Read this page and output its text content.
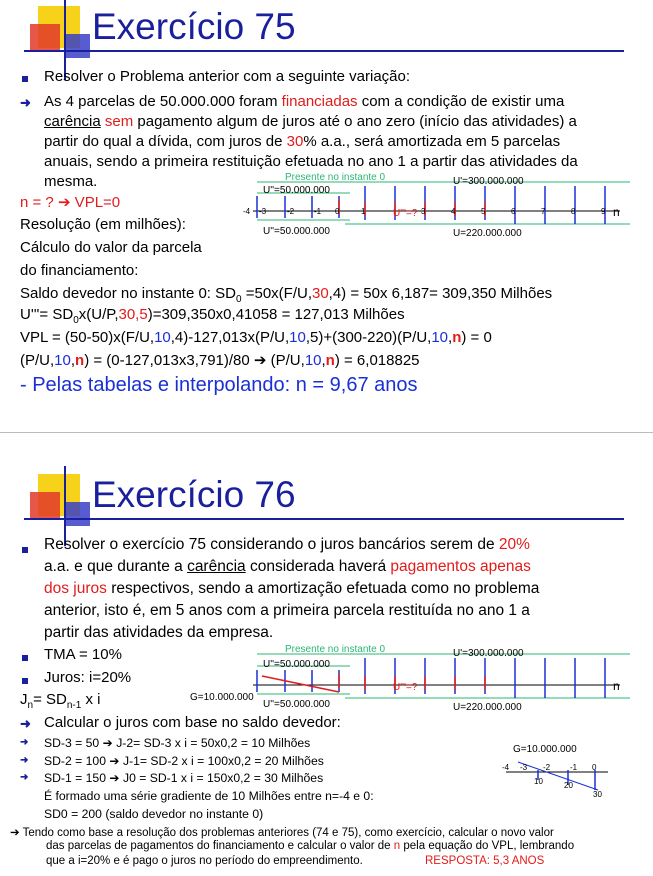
Exercício 75
Resolver o Problema anterior com a seguinte variação:
➜ As 4 parcelas de 50.000.000 foram financiadas com a condição de existir uma
carência sem pagamento algum de juros até o ano zero (início das atividades) a
partir do qual a dívida, com juros de 30% a.a., será amortizada em 5 parcelas
anuais, sendo a primeira restituição efetuada no ano 1 a partir das atividades da
mesma.
n = ? ➔ VPL=0
Resolução (em milhões):
Cálculo do valor da parcela
do financiamento:
Presente no instante 0	U'=300.000.000
U''=50.000.000
U''=50.000.000	U=220.000.000
U'''=?	n
-4 -3	-2 -1 0	1	3	4	5	6	7	8	9
Saldo devedor no instante 0: $SD_0 =50x(F/U,30,4) = 50x$ 6,187= 309,350 Milhões
$U'''= SD_0x(U/P,30,5)=309,350x0,41058 = 127,013$ Milhões
VPL = (50-50)x(F/U,10,4)-127,013x(P/U,10,5)+(300-220)(P/U,10,n) = 0
(P/U,10,n) = (0-127,013x3,791)/80 ➔ (P/U,10,n) = 6,018825
- Pelas tabelas e interpolando: n = 9,67 anos
Exercício 76
Resolver o exercício 75 considerando o juros bancários serem de 20%
a.a. e que durante a carência considerada haverá pagamentos apenas
dos juros respectivos, sendo a amortização efetuada como no problema
anterior, isto é, em 5 anos com a primeira parcela restituída no ano 1 a
partir das atividades da empresa.
TMA = 10%
Juros: i=20%
$J_n= SD_{n-1}$ x i
Presente no instante 0	U'=300.000.000
U''=50.000.000
U''=50.000.000	U=220.000.000
G=10.000.000
U'''=?	n
➜ Calcular o juros com base no saldo devedor:
➜ SD-3 = 50 ➔ J-2= SD-3 x i = 50x0,2 = 10 Milhões
➜ SD-2 = 100 ➔ J-1= SD-2 x i = 100x0,2 = 20 Milhões
➜ SD-1 = 150 ➔ J0 = SD-1 x i = 150x0,2 = 30 Milhões
É formado uma série gradiente de 10 Milhões entre n=-4 e 0:
SD0 = 200 (saldo devedor no instante 0)
G=10.000.000
-4 -3 -2 -1 0
10	20
30
➔ Tendo como base a resolução dos problemas anteriores (74 e 75), como exercício, calcular o novo valor
das parcelas de pagamentos do financiamento e calcular o valor de n pela equação do VPL, lembrando
que a i=20% e é pago o juros no período do empreendimento.	RESPOSTA: 5,3 ANOS
